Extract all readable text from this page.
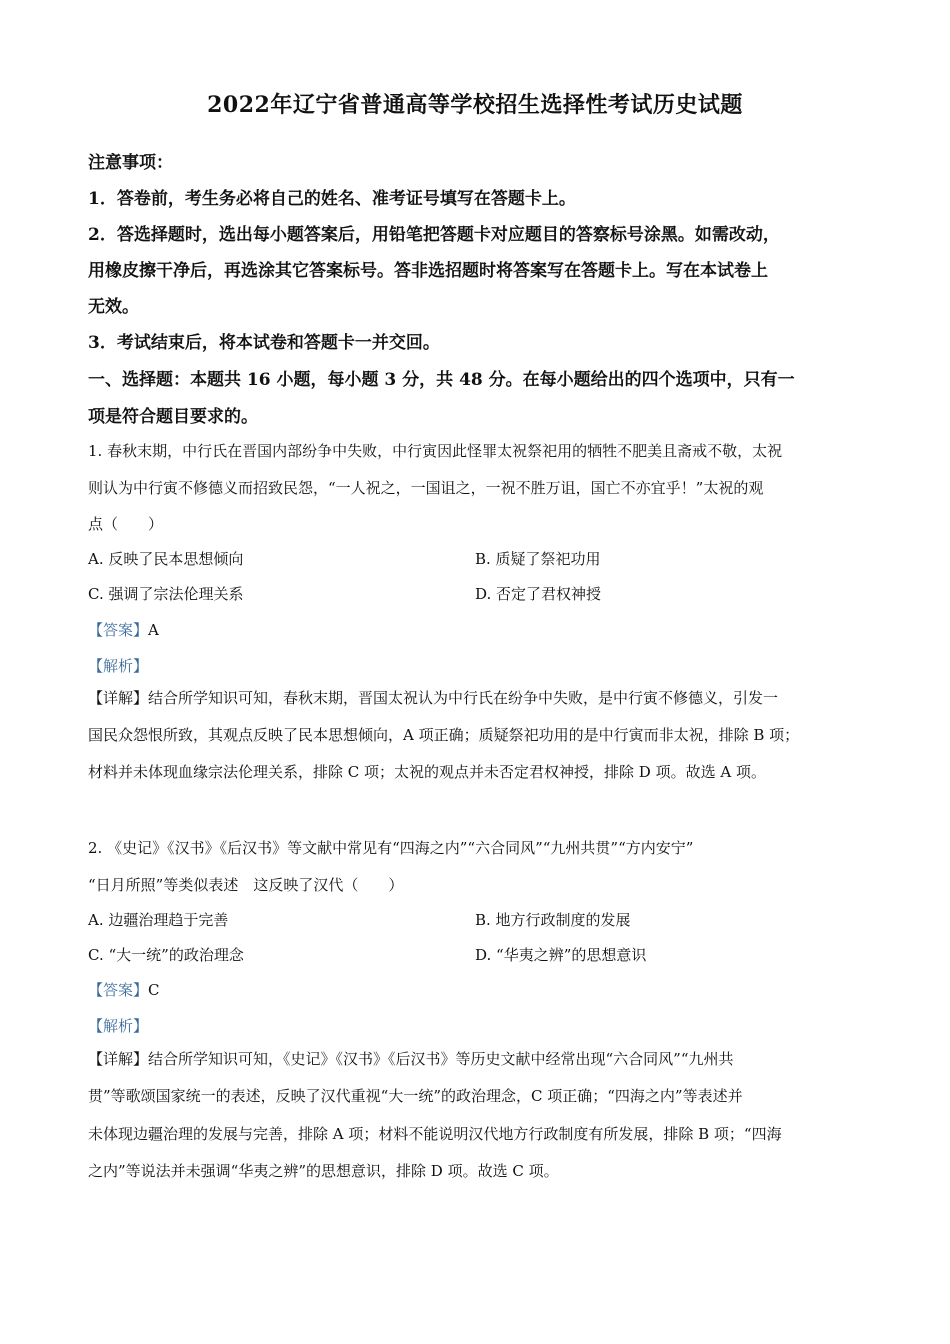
2022年辽宁省普通高等学校招生选择性考试历史试题
注意事项：
1．答卷前，考生务必将自己的姓名、准考证号填写在答题卡上。
2．答选择题时，选出每小题答案后，用铅笔把答题卡对应题目的答察标号涂黑。如需改动，
用橡皮擦干净后，再选涂其它答案标号。答非选招题时将答案写在答题卡上。写在本试卷上
无效。
3．考试结束后，将本试卷和答题卡一并交回。
一、选择题：本题共 16 小题，每小题 3 分，共 48 分。在每小题给出的四个选项中，只有一
项是符合题目要求的。
1. 春秋末期，中行氏在晋国内部纷争中失败，中行寅因此怪罪太祝祭祀用的牺牲不肥美且斋戒不敬，太祝
则认为中行寅不修德义而招致民怨，“一人祝之，一国诅之，一祝不胜万诅，国亡不亦宜乎！”太祝的观
点（　　）
A. 反映了民本思想倾向	B. 质疑了祭祀功用
C. 强调了宗法伦理关系	D. 否定了君权神授
【答案】A
【解析】
【详解】结合所学知识可知，春秋末期，晋国太祝认为中行氏在纷争中失败，是中行寅不修德义，引发一
国民众怨恨所致，其观点反映了民本思想倾向，A 项正确；质疑祭祀功用的是中行寅而非太祝，排除 B 项；
材料并未体现血缘宗法伦理关系，排除 C 项；太祝的观点并未否定君权神授，排除 D 项。故选 A 项。
2. 《史记》《汉书》《后汉书》等文献中常见有“四海之内”“六合同风”“九州共贯”“方内安宁”
“日月所照”等类似表述　这反映了汉代（　　）
A. 边疆治理趋于完善	B. 地方行政制度的发展
C. “大一统”的政治理念	D. “华夷之辨”的思想意识
【答案】C
【解析】
【详解】结合所学知识可知，《史记》《汉书》《后汉书》等历史文献中经常出现“六合同风”“九州共
贯”等歌颂国家统一的表述，反映了汉代重视“大一统”的政治理念，C 项正确；“四海之内”等表述并
未体现边疆治理的发展与完善，排除 A 项；材料不能说明汉代地方行政制度有所发展，排除 B 项；“四海
之内”等说法并未强调“华夷之辨”的思想意识，排除 D 项。故选 C 项。
